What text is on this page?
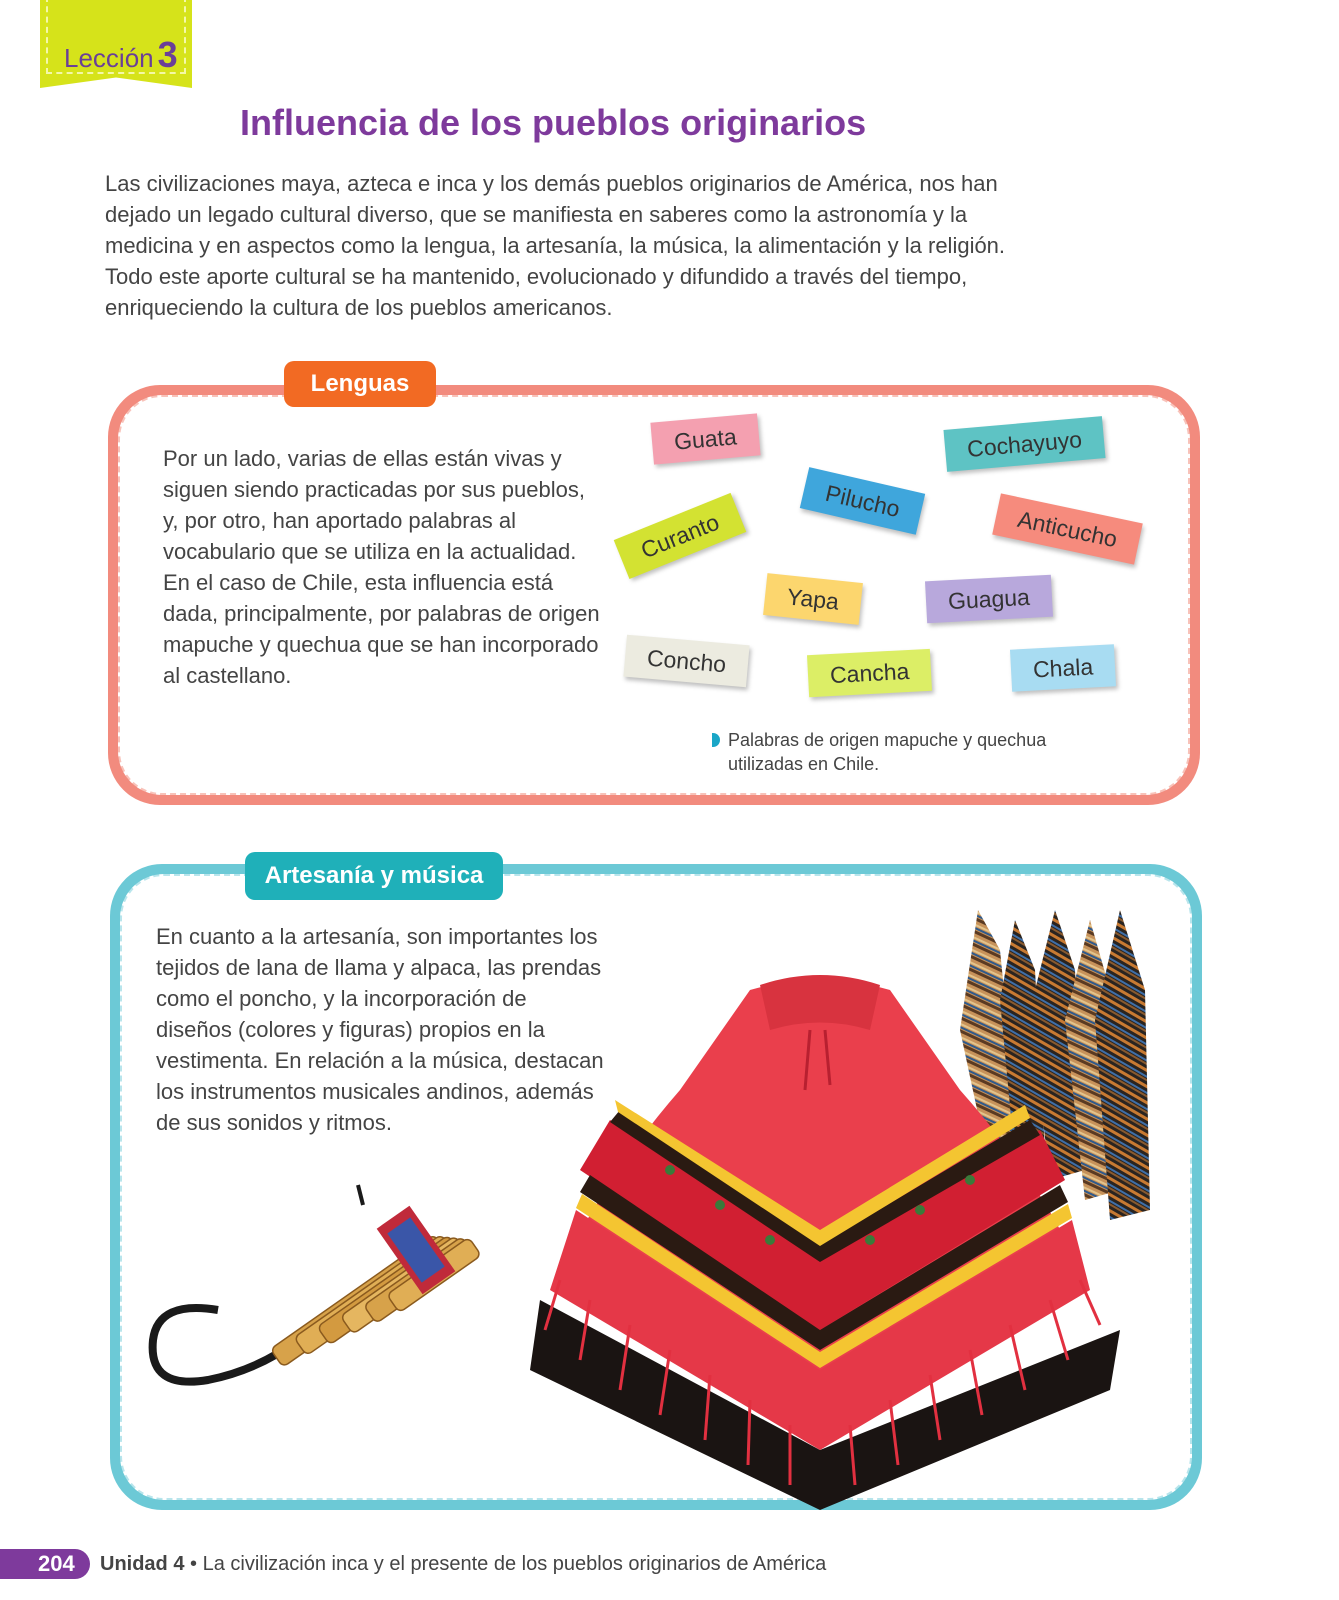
Lección 3
Influencia de los pueblos originarios
Las civilizaciones maya, azteca e inca y los demás pueblos originarios de América, nos han dejado un legado cultural diverso, que se manifiesta en saberes como la astronomía y la medicina y en aspectos como la lengua, la artesanía, la música, la alimentación y la religión. Todo este aporte cultural se ha mantenido, evolucionado y difundido a través del tiempo, enriqueciendo la cultura de los pueblos americanos.
Lenguas
Por un lado, varias de ellas están vivas y siguen siendo practicadas por sus pueblos, y, por otro, han aportado palabras al vocabulario que se utiliza en la actualidad. En el caso de Chile, esta influencia está dada, principalmente, por palabras de origen mapuche y quechua que se han incorporado al castellano.
Guata	Cochayuyo
Pilucho
Curanto	Anticucho
Yapa	Guagua
Concho	Cancha	Chala
Palabras de origen mapuche y quechua utilizadas en Chile.
Artesanía y música
En cuanto a la artesanía, son importantes los tejidos de lana de llama y alpaca, las prendas como el poncho, y la incorporación de diseños (colores y figuras) propios en la vestimenta. En relación a la música, destacan los instrumentos musicales andinos, además de sus sonidos y ritmos.
204 Unidad 4 • La civilización inca y el presente de los pueblos originarios de América
